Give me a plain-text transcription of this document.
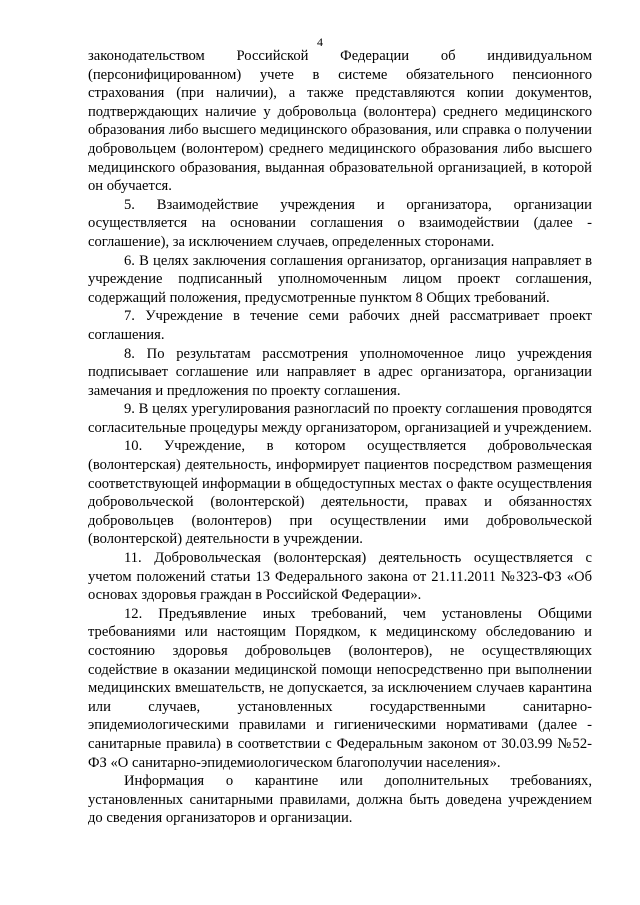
4

законодательством Российской Федерации об индивидуальном (персонифицированном) учете в системе обязательного пенсионного страхования (при наличии), а также представляются копии документов, подтверждающих наличие у добровольца (волонтера) среднего медицинского образования либо высшего медицинского образования, или справка о получении добровольцем (волонтером) среднего медицинского образования либо высшего медицинского образования, выданная образовательной организацией, в которой он обучается.

5. Взаимодействие учреждения и организатора, организации осуществляется на основании соглашения о взаимодействии (далее - соглашение), за исключением случаев, определенных сторонами.

6. В целях заключения соглашения организатор, организация направляет в учреждение подписанный уполномоченным лицом проект соглашения, содержащий положения, предусмотренные пунктом 8 Общих требований.

7. Учреждение в течение семи рабочих дней рассматривает проект соглашения.

8. По результатам рассмотрения уполномоченное лицо учреждения подписывает соглашение или направляет в адрес организатора, организации замечания и предложения по проекту соглашения.

9. В целях урегулирования разногласий по проекту соглашения проводятся согласительные процедуры между организатором, организацией и учреждением.

10. Учреждение, в котором осуществляется добровольческая (волонтерская) деятельность, информирует пациентов посредством размещения соответствующей информации в общедоступных местах о факте осуществления добровольческой (волонтерской) деятельности, правах и обязанностях добровольцев (волонтеров) при осуществлении ими добровольческой (волонтерской) деятельности в учреждении.

11. Добровольческая (волонтерская) деятельность осуществляется с учетом положений статьи 13 Федерального закона от 21.11.2011 №323-ФЗ «Об основах здоровья граждан в Российской Федерации».

12. Предъявление иных требований, чем установлены Общими требованиями или настоящим Порядком, к медицинскому обследованию и состоянию здоровья добровольцев (волонтеров), не осуществляющих содействие в оказании медицинской помощи непосредственно при выполнении медицинских вмешательств, не допускается, за исключением случаев карантина или случаев, установленных государственными санитарно-эпидемиологическими правилами и гигиеническими нормативами (далее - санитарные правила) в соответствии с Федеральным законом от 30.03.99 №52-ФЗ «О санитарно-эпидемиологическом благополучии населения».

Информация о карантине или дополнительных требованиях, установленных санитарными правилами, должна быть доведена учреждением до сведения организаторов и организации.
